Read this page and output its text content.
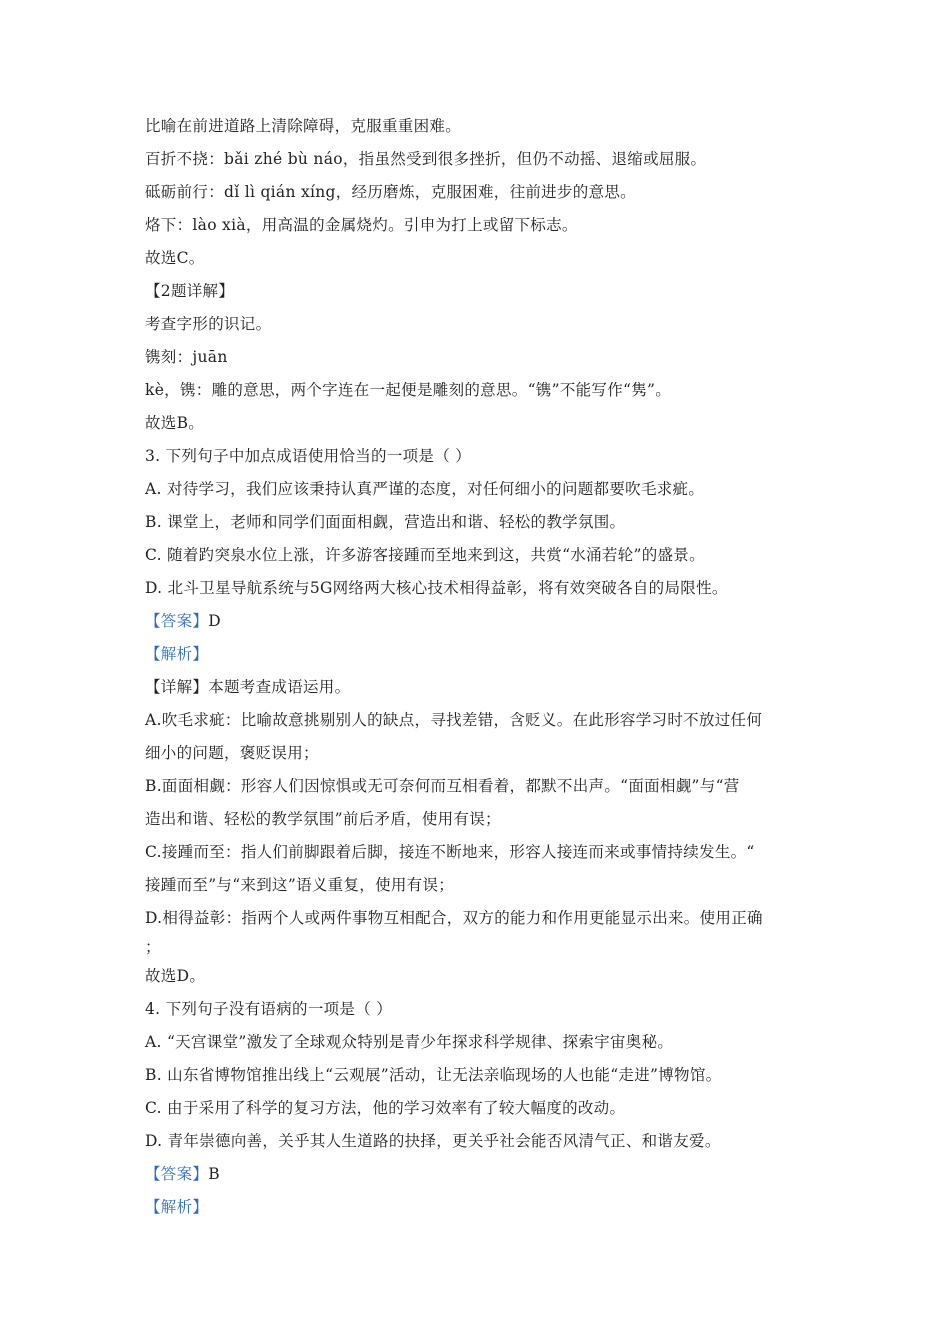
比喻在前进道路上清除障碍，克服重重困难。
百折不挠：bǎi zhé bù náo，指虽然受到很多挫折，但仍不动摇、退缩或屈服。
砥砺前行：dǐ lì qián xíng，经历磨炼，克服困难，往前进步的意思。
烙下：lào xià，用高温的金属烧灼。引申为打上或留下标志。
故选C。
【2题详解】
考查字形的识记。
镌刻：juān
kè，镌：雕的意思，两个字连在一起便是雕刻的意思。“镌”不能写作“隽”。
故选B。
3. 下列句子中加点成语使用恰当的一项是（ ）
A. 对待学习，我们应该秉持认真严谨的态度，对任何细小的问题都要吹毛求疵。
B. 课堂上，老师和同学们面面相觑，营造出和谐、轻松的教学氛围。
C. 随着趵突泉水位上涨，许多游客接踵而至地来到这，共赏“水涌若轮”的盛景。
D. 北斗卫星导航系统与5G网络两大核心技术相得益彰，将有效突破各自的局限性。
【答案】D
【解析】
【详解】本题考查成语运用。
A.吹毛求疵：比喻故意挑剔别人的缺点，寻找差错，含贬义。在此形容学习时不放过任何
细小的问题，褒贬误用；
B.面面相觑：形容人们因惊惧或无可奈何而互相看着，都默不出声。“面面相觑”与“营
造出和谐、轻松的教学氛围”前后矛盾，使用有误；
C.接踵而至：指人们前脚跟着后脚，接连不断地来，形容人接连而来或事情持续发生。“
接踵而至”与“来到这”语义重复，使用有误；
D.相得益彰：指两个人或两件事物互相配合，双方的能力和作用更能显示出来。使用正确
；
故选D。
4. 下列句子没有语病的一项是（ ）
A. “天宫课堂”激发了全球观众特别是青少年探求科学规律、探索宇宙奥秘。
B. 山东省博物馆推出线上“云观展”活动，让无法亲临现场的人也能“走进”博物馆。
C. 由于采用了科学的复习方法，他的学习效率有了较大幅度的改动。
D. 青年崇德向善，关乎其人生道路的抉择，更关乎社会能否风清气正、和谐友爱。
【答案】B
【解析】
